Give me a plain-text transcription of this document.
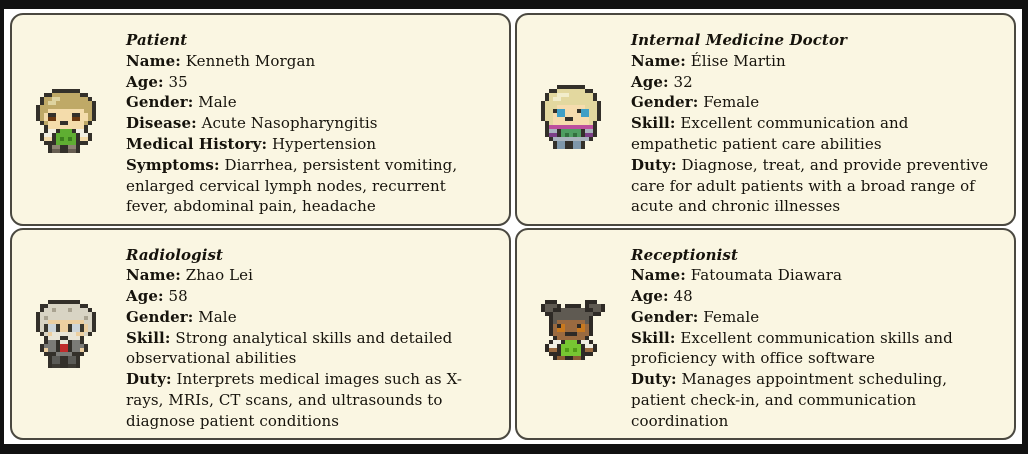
Patient

Name: Kenneth Morgan

Age: 35

Gender: Male

Disease: Acute Nasopharyngitis

Medical History: Hypertension

Symptoms: Diarrhea, persistent vomiting, enlarged cervical lymph nodes, recurrent fever, abdominal pain, headache

Internal Medicine Doctor

Name: Élise Martin

Age: 32

Gender: Female

Skill: Excellent communication and empathetic patient care abilities

Duty: Diagnose, treat, and provide preventive care for adult patients with a broad range of acute and chronic illnesses

Radiologist

Name: Zhao Lei

Age: 58

Gender: Male

Skill: Strong analytical skills and detailed observational abilities

Duty: Interprets medical images such as X-rays, MRIs, CT scans, and ultrasounds to diagnose patient conditions

Receptionist

Name: Fatoumata Diawara

Age: 48

Gender: Female

Skill: Excellent communication skills and proficiency with office software

Duty: Manages appointment scheduling, patient check-in, and communication coordination
